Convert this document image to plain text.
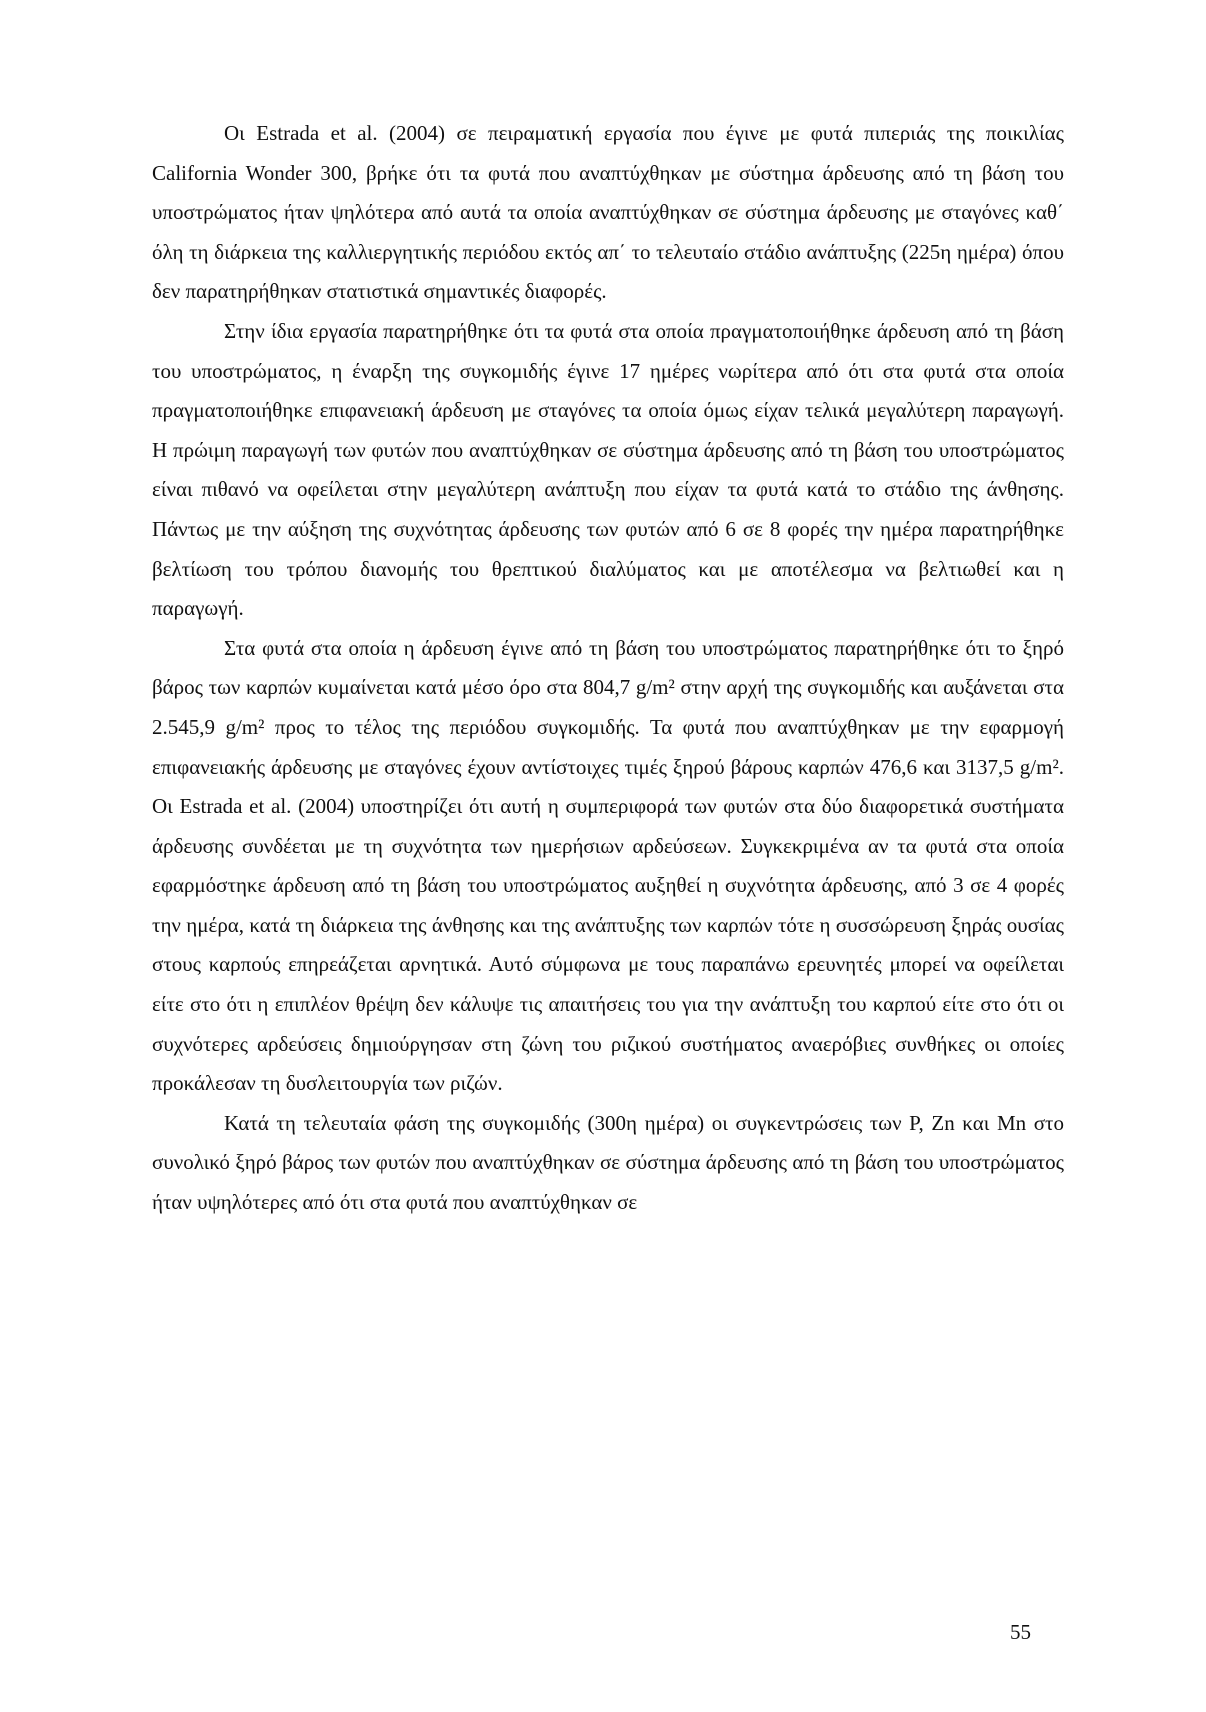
Οι Estrada et al. (2004) σε πειραματική εργασία που έγινε με φυτά πιπεριάς της ποικιλίας California Wonder 300, βρήκε ότι τα φυτά που αναπτύχθηκαν με σύστημα άρδευσης από τη βάση του υποστρώματος ήταν ψηλότερα από αυτά τα οποία αναπτύχθηκαν σε σύστημα άρδευσης με σταγόνες καθ΄ όλη τη διάρκεια της καλλιεργητικής περιόδου εκτός απ΄ το τελευταίο στάδιο ανάπτυξης (225η ημέρα) όπου δεν παρατηρήθηκαν στατιστικά σημαντικές διαφορές.

Στην ίδια εργασία παρατηρήθηκε ότι τα φυτά στα οποία πραγματοποιήθηκε άρδευση από τη βάση του υποστρώματος, η έναρξη της συγκομιδής έγινε 17 ημέρες νωρίτερα από ότι στα φυτά στα οποία πραγματοποιήθηκε επιφανειακή άρδευση με σταγόνες τα οποία όμως είχαν τελικά μεγαλύτερη παραγωγή. Η πρώιμη παραγωγή των φυτών που αναπτύχθηκαν σε σύστημα άρδευσης από τη βάση του υποστρώματος είναι πιθανό να οφείλεται στην μεγαλύτερη ανάπτυξη που είχαν τα φυτά κατά το στάδιο της άνθησης. Πάντως με την αύξηση της συχνότητας άρδευσης των φυτών από 6 σε 8 φορές την ημέρα παρατηρήθηκε βελτίωση του τρόπου διανομής του θρεπτικού διαλύματος και με αποτέλεσμα να βελτιωθεί και η παραγωγή.

Στα φυτά στα οποία η άρδευση έγινε από τη βάση του υποστρώματος παρατηρήθηκε ότι το ξηρό βάρος των καρπών κυμαίνεται κατά μέσο όρο στα 804,7 g/m² στην αρχή της συγκομιδής και αυξάνεται στα 2.545,9 g/m² προς το τέλος της περιόδου συγκομιδής. Τα φυτά που αναπτύχθηκαν με την εφαρμογή επιφανειακής άρδευσης με σταγόνες έχουν αντίστοιχες τιμές ξηρού βάρους καρπών 476,6 και 3137,5 g/m². Οι Estrada et al. (2004) υποστηρίζει ότι αυτή η συμπεριφορά των φυτών στα δύο διαφορετικά συστήματα άρδευσης συνδέεται με τη συχνότητα των ημερήσιων αρδεύσεων. Συγκεκριμένα αν τα φυτά στα οποία εφαρμόστηκε άρδευση από τη βάση του υποστρώματος αυξηθεί η συχνότητα άρδευσης, από 3 σε 4 φορές την ημέρα, κατά τη διάρκεια της άνθησης και της ανάπτυξης των καρπών τότε η συσσώρευση ξηράς ουσίας στους καρπούς επηρεάζεται αρνητικά. Αυτό σύμφωνα με τους παραπάνω ερευνητές μπορεί να οφείλεται είτε στο ότι η επιπλέον θρέψη δεν κάλυψε τις απαιτήσεις του για την ανάπτυξη του καρπού είτε στο ότι οι συχνότερες αρδεύσεις δημιούργησαν στη ζώνη του ριζικού συστήματος αναερόβιες συνθήκες οι οποίες προκάλεσαν τη δυσλειτουργία των ριζών.

Κατά τη τελευταία φάση της συγκομιδής (300η ημέρα) οι συγκεντρώσεις των P, Zn και Mn στο συνολικό ξηρό βάρος των φυτών που αναπτύχθηκαν σε σύστημα άρδευσης από τη βάση του υποστρώματος ήταν υψηλότερες από ότι στα φυτά που αναπτύχθηκαν σε

55
